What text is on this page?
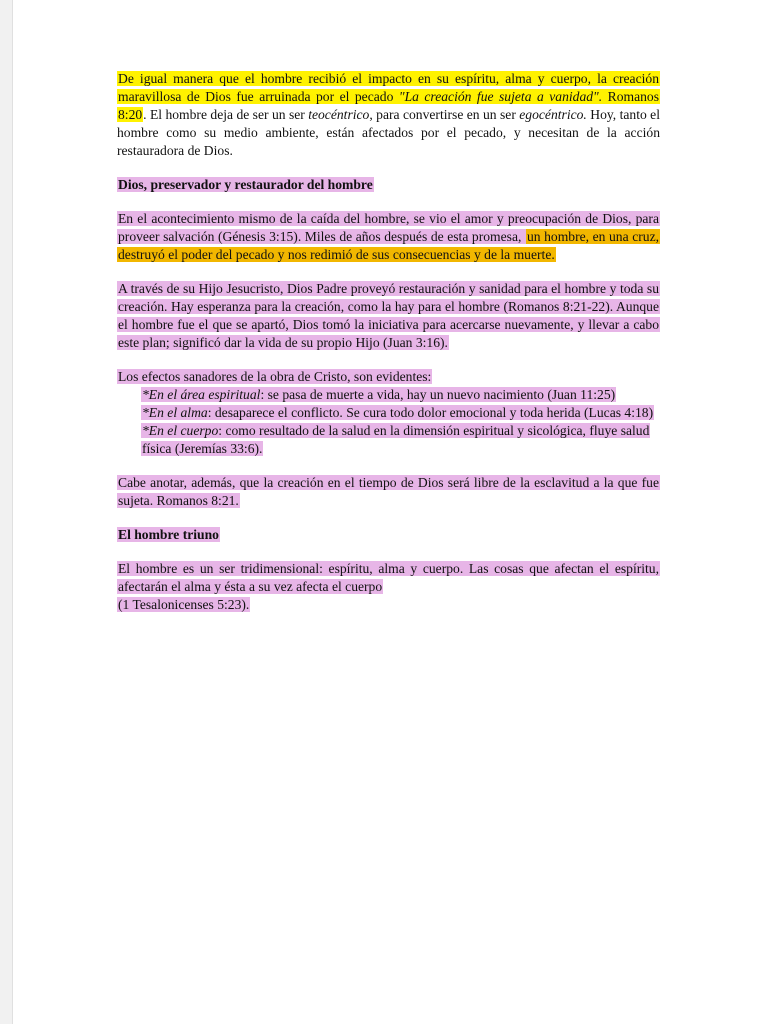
De igual manera que el hombre recibió el impacto en su espíritu, alma y cuerpo, la creación maravillosa de Dios fue arruinada por el pecado "La creación fue sujeta a vanidad". Romanos 8:20. El hombre deja de ser un ser teocéntrico, para convertirse en un ser egocéntrico. Hoy, tanto el hombre como su medio ambiente, están afectados por el pecado, y necesitan de la acción restauradora de Dios.

Dios, preservador y restaurador del hombre

En el acontecimiento mismo de la caída del hombre, se vio el amor y preocupación de Dios, para proveer salvación (Génesis 3:15). Miles de años después de esta promesa, un hombre, en una cruz, destruyó el poder del pecado y nos redimió de sus consecuencias y de la muerte.

A través de su Hijo Jesucristo, Dios Padre proveyó restauración y sanidad para el hombre y toda su creación. Hay esperanza para la creación, como la hay para el hombre (Romanos 8:21-22). Aunque el hombre fue el que se apartó, Dios tomó la iniciativa para acercarse nuevamente, y llevar a cabo este plan; significó dar la vida de su propio Hijo (Juan 3:16).

Los efectos sanadores de la obra de Cristo, son evidentes:

*En el área espiritual: se pasa de muerte a vida, hay un nuevo nacimiento (Juan 11:25)

*En el alma: desaparece el conflicto. Se cura todo dolor emocional y toda herida (Lucas 4:18)

*En el cuerpo: como resultado de la salud en la dimensión espiritual y sicológica, fluye salud física (Jeremías 33:6).

Cabe anotar, además, que la creación en el tiempo de Dios será libre de la esclavitud a la que fue sujeta. Romanos 8:21.

El hombre triuno

El hombre es un ser tridimensional: espíritu, alma y cuerpo. Las cosas que afectan el espíritu, afectarán el alma y ésta a su vez afecta el cuerpo

(1 Tesalonicenses 5:23).
